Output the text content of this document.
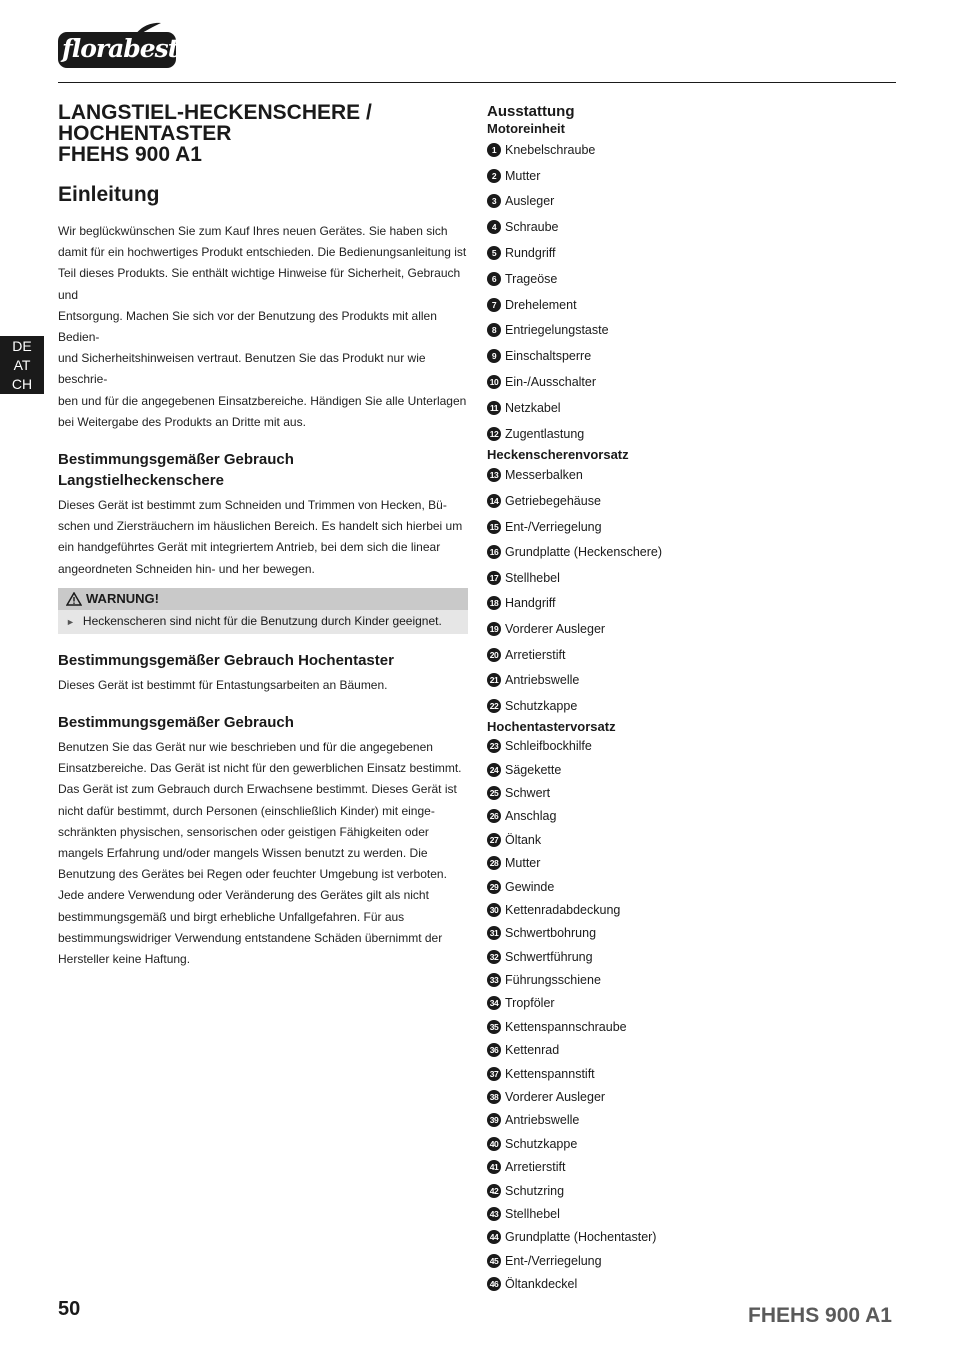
florabest
DE
AT
CH
LANGSTIEL-HECKENSCHERE /
HOCHENTASTER
FHEHS 900 A1
Einleitung
Wir beglückwünschen Sie zum Kauf Ihres neuen Gerätes. Sie haben sich
damit für ein hochwertiges Produkt entschieden. Die Bedienungsanleitung ist
Teil dieses Produkts. Sie enthält wichtige Hinweise für Sicherheit, Gebrauch und
Entsorgung. Machen Sie sich vor der Benutzung des Produkts mit allen Bedien-
und Sicherheitshinweisen vertraut. Benutzen Sie das Produkt nur wie beschrie-
ben und für die angegebenen Einsatzbereiche. Händigen Sie alle Unterlagen
bei Weitergabe des Produkts an Dritte mit aus.
Bestimmungsgemäßer Gebrauch
Langstielheckenschere
Dieses Gerät ist bestimmt zum Schneiden und Trimmen von Hecken, Bü-
schen und Ziersträuchern im häuslichen Bereich. Es handelt sich hierbei um
ein handgeführtes Gerät mit integriertem Antrieb, bei dem sich die linear
angeordneten Schneiden hin- und her bewegen.
WARNUNG!
► Heckenscheren sind nicht für die Benutzung durch Kinder geeignet.
Bestimmungsgemäßer Gebrauch Hochentaster
Dieses Gerät ist bestimmt für Entastungsarbeiten an Bäumen.
Bestimmungsgemäßer Gebrauch
Benutzen Sie das Gerät nur wie beschrieben und für die angegebenen
Einsatzbereiche. Das Gerät ist nicht für den gewerblichen Einsatz bestimmt.
Das Gerät ist zum Gebrauch durch Erwachsene bestimmt. Dieses Gerät ist
nicht dafür bestimmt, durch Personen (einschließlich Kinder) mit einge-
schränkten physischen, sensorischen oder geistigen Fähigkeiten oder
mangels Erfahrung und/oder mangels Wissen benutzt zu werden. Die
Benutzung des Gerätes bei Regen oder feuchter Umgebung ist verboten.
Jede andere Verwendung oder Veränderung des Gerätes gilt als nicht
bestimmungsgemäß und birgt erhebliche Unfallgefahren. Für aus
bestimmungswidriger Verwendung entstandene Schäden übernimmt der
Hersteller keine Haftung.
Ausstattung
Motoreinheit
1 Knebelschraube
2 Mutter
3 Ausleger
4 Schraube
5 Rundgriff
6 Trageöse
7 Drehelement
8 Entriegelungstaste
9 Einschaltsperre
10 Ein-/Ausschalter
11 Netzkabel
12 Zugentlastung
Heckenscherenvorsatz
13 Messerbalken
14 Getriebegehäuse
15 Ent-/Verriegelung
16 Grundplatte (Heckenschere)
17 Stellhebel
18 Handgriff
19 Vorderer Ausleger
20 Arretierstift
21 Antriebswelle
22 Schutzkappe
Hochentastervorsatz
23 Schleifbockhilfe
24 Sägekette
25 Schwert
26 Anschlag
27 Öltank
28 Mutter
29 Gewinde
30 Kettenradabdeckung
31 Schwertbohrung
32 Schwertführung
33 Führungsschiene
34 Tropföler
35 Kettenspannschraube
36 Kettenrad
37 Kettenspannstift
38 Vorderer Ausleger
39 Antriebswelle
40 Schutzkappe
41 Arretierstift
42 Schutzring
43 Stellhebel
44 Grundplatte (Hochentaster)
45 Ent-/Verriegelung
46 Öltankdeckel
50	FHEHS 900 A1
